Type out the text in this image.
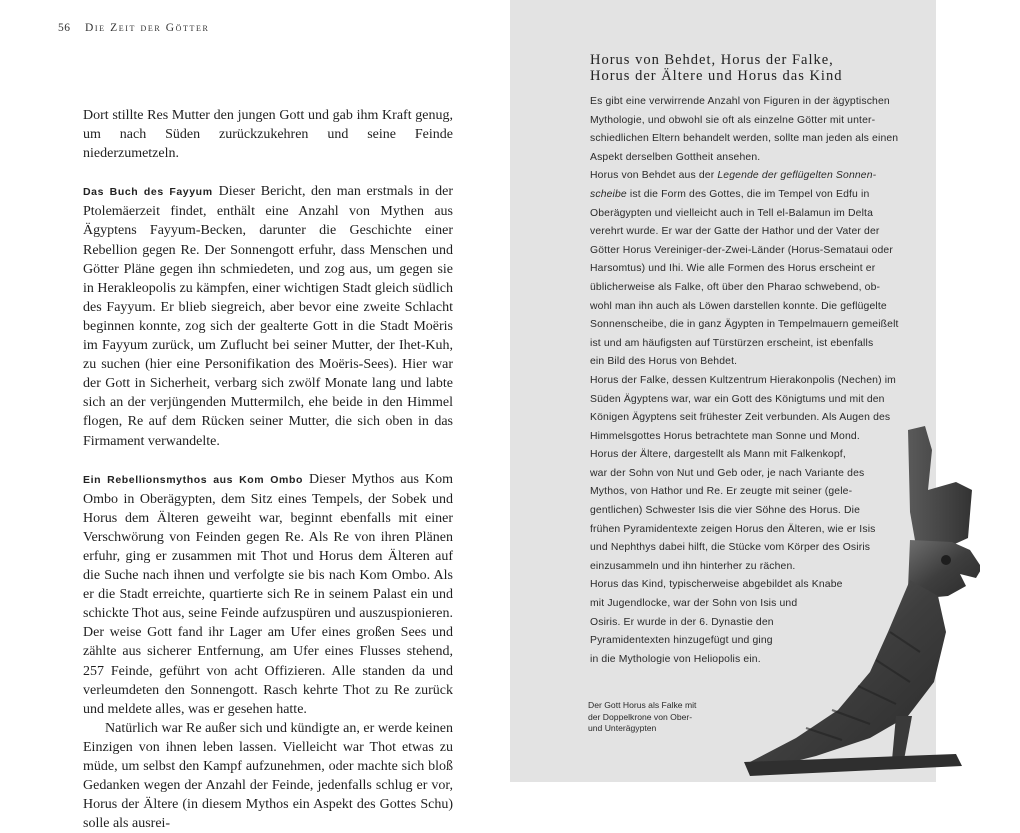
56 Die Zeit der Götter

Dort stillte Res Mutter den jungen Gott und gab ihm Kraft genug, um nach Süden zurückzukehren und seine Feinde niederzumetzeln.

Das Buch des Fayyum Dieser Bericht, den man erstmals in der Ptolemäerzeit findet, enthält eine Anzahl von Mythen aus Ägyptens Fayyum-Becken, darunter die Geschichte einer Rebellion gegen Re. Der Sonnengott erfuhr, dass Menschen und Götter Pläne gegen ihn schmiedeten, und zog aus, um gegen sie in Herakleopolis zu kämpfen, einer wichtigen Stadt gleich südlich des Fayyum. Er blieb siegreich, aber bevor eine zweite Schlacht beginnen konnte, zog sich der gealterte Gott in die Stadt Moëris im Fayyum zurück, um Zuflucht bei seiner Mutter, der Ihet-Kuh, zu suchen (hier eine Personifikation des Moëris-Sees). Hier war der Gott in Sicherheit, verbarg sich zwölf Monate lang und labte sich an der verjüngenden Muttermilch, ehe beide in den Himmel flogen, Re auf dem Rücken seiner Mutter, die sich oben in das Firmament verwandelte.

Ein Rebellionsmythos aus Kom Ombo Dieser Mythos aus Kom Ombo in Oberägypten, dem Sitz eines Tempels, der Sobek und Horus dem Älteren geweiht war, beginnt ebenfalls mit einer Verschwörung von Feinden gegen Re. Als Re von ihren Plänen erfuhr, ging er zusammen mit Thot und Horus dem Älteren auf die Suche nach ihnen und verfolgte sie bis nach Kom Ombo. Als er die Stadt erreichte, quartierte sich Re in seinem Palast ein und schickte Thot aus, seine Feinde aufzuspüren und auszuspionieren. Der weise Gott fand ihr Lager am Ufer eines großen Sees und zählte aus sicherer Entfernung, am Ufer eines Flusses stehend, 257 Feinde, geführt von acht Offizieren. Alle standen da und verleumdeten den Sonnengott. Rasch kehrte Thot zu Re zurück und meldete alles, was er gesehen hatte.

Natürlich war Re außer sich und kündigte an, er werde keinen Einzigen von ihnen leben lassen. Vielleicht war Thot etwas zu müde, um selbst den Kampf aufzunehmen, oder machte sich bloß Gedanken wegen der Anzahl der Feinde, jedenfalls schlug er vor, Horus der Ältere (in diesem Mythos ein Aspekt des Gottes Schu) solle als ausrei-

Horus von Behdet, Horus der Falke,
Horus der Ältere und Horus das Kind
Es gibt eine verwirrende Anzahl von Figuren in der ägyptischen
Mythologie, und obwohl sie oft als einzelne Götter mit unter-
schiedlichen Eltern behandelt werden, sollte man jeden als einen
Aspekt derselben Gottheit ansehen.
Horus von Behdet aus der Legende der geflügelten Sonnen-
scheibe ist die Form des Gottes, die im Tempel von Edfu in
Oberägypten und vielleicht auch in Tell el-Balamun im Delta
verehrt wurde. Er war der Gatte der Hathor und der Vater der
Götter Horus Vereiniger-der-Zwei-Länder (Horus-Semataui oder
Harsomtus) und Ihi. Wie alle Formen des Horus erscheint er
üblicherweise als Falke, oft über den Pharao schwebend, ob-
wohl man ihn auch als Löwen darstellen konnte. Die geflügelte
Sonnenscheibe, die in ganz Ägypten in Tempelmauern gemeißelt
ist und am häufigsten auf Türstürzen erscheint, ist ebenfalls
ein Bild des Horus von Behdet.
Horus der Falke, dessen Kultzentrum Hierakonpolis (Nechen) im
Süden Ägyptens war, war ein Gott des Königtums und mit den
Königen Ägyptens seit frühester Zeit verbunden. Als Augen des
Himmelsgottes Horus betrachtete man Sonne und Mond.
Horus der Ältere, dargestellt als Mann mit Falkenkopf,
war der Sohn von Nut und Geb oder, je nach Variante des
Mythos, von Hathor und Re. Er zeugte mit seiner (gele-
gentlichen) Schwester Isis die vier Söhne des Horus. Die
frühen Pyramidentexte zeigen Horus den Älteren, wie er Isis
und Nephthys dabei hilft, die Stücke vom Körper des Osiris
einzusammeln und ihn hinterher zu rächen.
Horus das Kind, typischerweise abgebildet als Knabe
mit Jugendlocke, war der Sohn von Isis und
Osiris. Er wurde in der 6. Dynastie den
Pyramidentexten hinzugefügt und ging
in die Mythologie von Heliopolis ein.
Der Gott Horus als Falke mit
der Doppelkrone von Ober-
und Unterägypten
